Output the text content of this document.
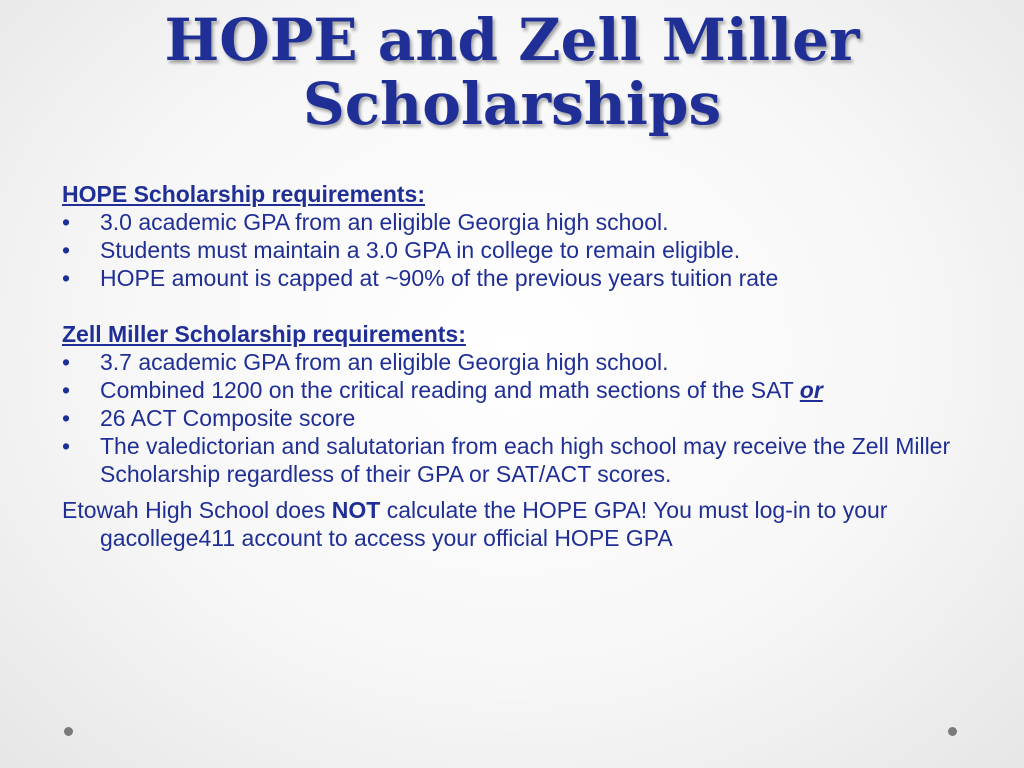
HOPE and Zell Miller
Scholarships
HOPE Scholarship requirements:
• 3.0 academic GPA from an eligible Georgia high school.
• Students must maintain a 3.0 GPA in college to remain eligible.
• HOPE amount is capped at ~90% of the previous years tuition rate
Zell Miller Scholarship requirements:
• 3.7 academic GPA from an eligible Georgia high school.
• Combined 1200 on the critical reading and math sections of the SAT or
• 26 ACT Composite score
• The valedictorian and salutatorian from each high school may receive the Zell Miller Scholarship regardless of their GPA or SAT/ACT scores.
Etowah High School does NOT calculate the HOPE GPA! You must log-in to your gacollege411 account to access your official HOPE GPA
